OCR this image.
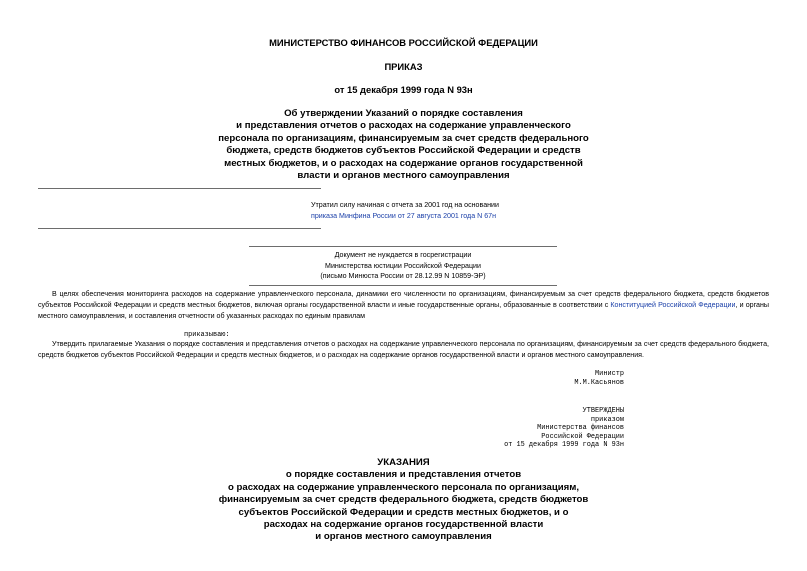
МИНИСТЕРСТВО ФИНАНСОВ РОССИЙСКОЙ ФЕДЕРАЦИИ
ПРИКАЗ
от 15 декабря 1999 года N 93н
Об утверждении Указаний о порядке составления
и представления отчетов о расходах на содержание управленческого
персонала по организациям, финансируемым за счет средств федерального
бюджета, средств бюджетов субъектов Российской Федерации и средств
местных бюджетов, и о расходах на содержание органов государственной
власти и органов местного самоуправления
Утратил силу начиная с отчета за 2001 год на основании
приказа Минфина России от 27 августа 2001 года N 67н
Документ не нуждается в госрегистрации
Министерства юстиции Российской Федерации
(письмо Минюста России от 28.12.99 N 10859-ЭР)
В целях обеспечения мониторинга расходов на содержание управленческого персонала, динамики его численности по организациям, финансируемым за счет средств федерального бюджета, средств бюджетов субъектов Российской Федерации и средств местных бюджетов, включая органы государственной власти и иные государственные органы, образованные в соответствии с Конституцией Российской Федерации, и органы местного самоуправления, и составления отчетности об указанных расходах по единым правилам
приказываю:
Утвердить прилагаемые Указания о порядке составления и представления отчетов о расходах на содержание управленческого персонала по организациям, финансируемым за счет средств федерального бюджета, средств бюджетов субъектов Российской Федерации и средств местных бюджетов, и о расходах на содержание органов государственной власти и органов местного самоуправления.
Министр
М.М.Касьянов
УТВЕРЖДЕНЫ
приказом
Министерства финансов
Российской Федерации
от 15 декабря 1999 года N 93н
УКАЗАНИЯ
о порядке составления и представления отчетов
о расходах на содержание управленческого персонала по организациям,
финансируемым за счет средств федерального бюджета, средств бюджетов
субъектов Российской Федерации и средств местных бюджетов, и о
расходах на содержание органов государственной власти
и органов местного самоуправления
